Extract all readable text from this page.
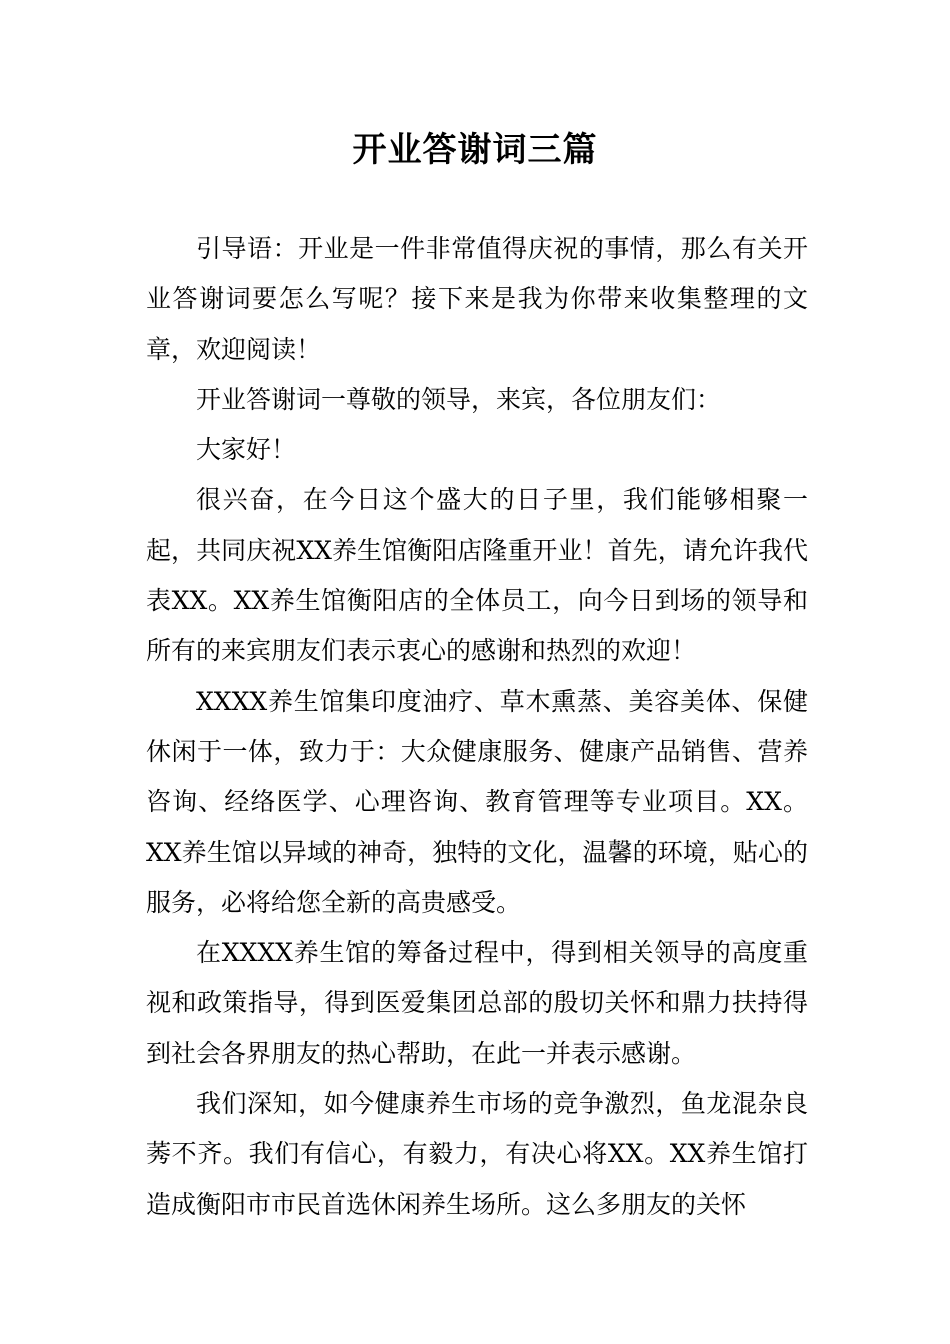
开业答谢词三篇

引导语：开业是一件非常值得庆祝的事情，那么有关开业答谢词要怎么写呢？接下来是我为你带来收集整理的文章，欢迎阅读！

开业答谢词一尊敬的领导，来宾，各位朋友们：

大家好！

很兴奋，在今日这个盛大的日子里，我们能够相聚一起，共同庆祝XX养生馆衡阳店隆重开业！首先，请允许我代表XX。XX养生馆衡阳店的全体员工，向今日到场的领导和所有的来宾朋友们表示衷心的感谢和热烈的欢迎！

XXXX养生馆集印度油疗、草木熏蒸、美容美体、保健休闲于一体，致力于：大众健康服务、健康产品销售、营养咨询、经络医学、心理咨询、教育管理等专业项目。XX。XX养生馆以异域的神奇，独特的文化，温馨的环境，贴心的服务，必将给您全新的高贵感受。

在XXXX养生馆的筹备过程中，得到相关领导的高度重视和政策指导，得到医爱集团总部的殷切关怀和鼎力扶持得到社会各界朋友的热心帮助，在此一并表示感谢。

我们深知，如今健康养生市场的竞争激烈，鱼龙混杂良莠不齐。我们有信心，有毅力，有决心将XX。XX养生馆打造成衡阳市市民首选休闲养生场所。这么多朋友的关怀
